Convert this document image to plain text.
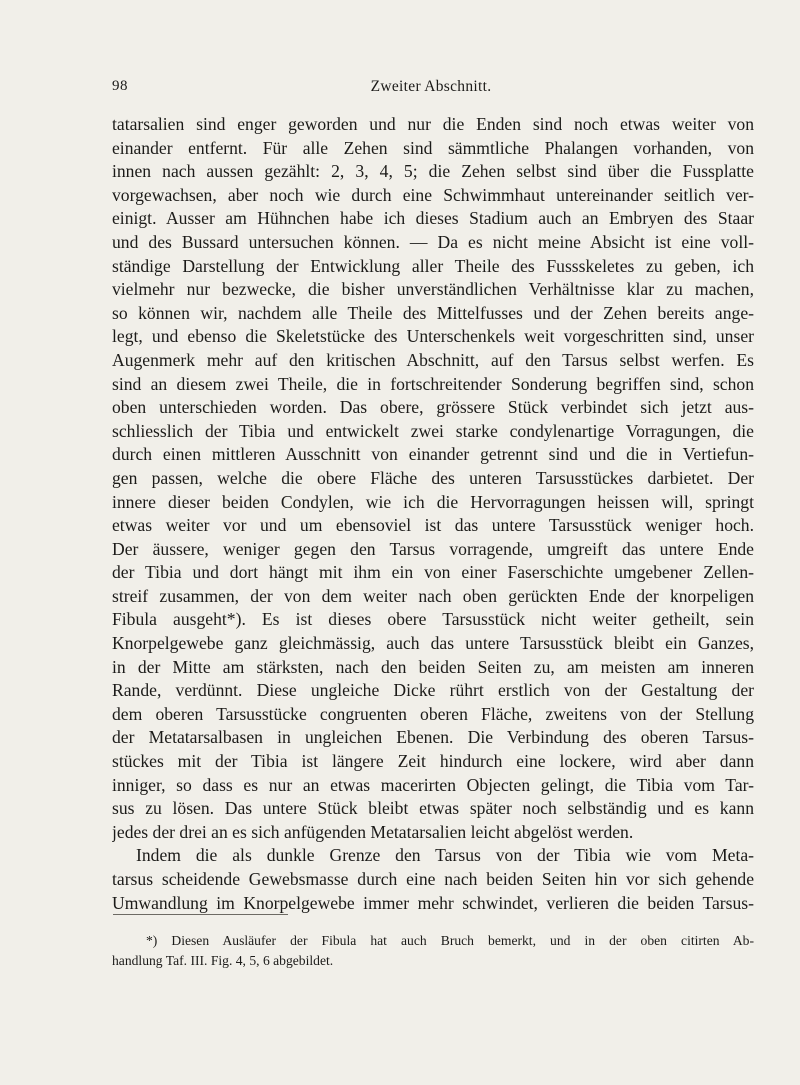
98	Zweiter Abschnitt.
tatarsalien sind enger geworden und nur die Enden sind noch etwas weiter von
einander entfernt. Für alle Zehen sind sämmtliche Phalangen vorhanden, von
innen nach aussen gezählt: 2, 3, 4, 5; die Zehen selbst sind über die Fussplatte
vorgewachsen, aber noch wie durch eine Schwimmhaut untereinander seitlich ver-
einigt. Ausser am Hühnchen habe ich dieses Stadium auch an Embryen des Staar
und des Bussard untersuchen können. — Da es nicht meine Absicht ist eine voll-
ständige Darstellung der Entwicklung aller Theile des Fussskeletes zu geben, ich
vielmehr nur bezwecke, die bisher unverständlichen Verhältnisse klar zu machen,
so können wir, nachdem alle Theile des Mittelfusses und der Zehen bereits ange-
legt, und ebenso die Skeletstücke des Unterschenkels weit vorgeschritten sind, unser
Augenmerk mehr auf den kritischen Abschnitt, auf den Tarsus selbst werfen. Es
sind an diesem zwei Theile, die in fortschreitender Sonderung begriffen sind, schon
oben unterschieden worden. Das obere, grössere Stück verbindet sich jetzt aus-
schliesslich der Tibia und entwickelt zwei starke condylenartige Vorragungen, die
durch einen mittleren Ausschnitt von einander getrennt sind und die in Vertiefun-
gen passen, welche die obere Fläche des unteren Tarsusstückes darbietet. Der
innere dieser beiden Condylen, wie ich die Hervorragungen heissen will, springt
etwas weiter vor und um ebensoviel ist das untere Tarsusstück weniger hoch.
Der äussere, weniger gegen den Tarsus vorragende, umgreift das untere Ende
der Tibia und dort hängt mit ihm ein von einer Faserschichte umgebener Zellen-
streif zusammen, der von dem weiter nach oben gerückten Ende der knorpeligen
Fibula ausgeht*). Es ist dieses obere Tarsusstück nicht weiter getheilt, sein
Knorpelgewebe ganz gleichmässig, auch das untere Tarsusstück bleibt ein Ganzes,
in der Mitte am stärksten, nach den beiden Seiten zu, am meisten am inneren
Rande, verdünnt. Diese ungleiche Dicke rührt erstlich von der Gestaltung der
dem oberen Tarsusstücke congruenten oberen Fläche, zweitens von der Stellung
der Metatarsalbasen in ungleichen Ebenen. Die Verbindung des oberen Tarsus-
stückes mit der Tibia ist längere Zeit hindurch eine lockere, wird aber dann
inniger, so dass es nur an etwas macerirten Objecten gelingt, die Tibia vom Tar-
sus zu lösen. Das untere Stück bleibt etwas später noch selbständig und es kann
jedes der drei an es sich anfügenden Metatarsalien leicht abgelöst werden.
Indem die als dunkle Grenze den Tarsus von der Tibia wie vom Meta-
tarsus scheidende Gewebsmasse durch eine nach beiden Seiten hin vor sich gehende
Umwandlung im Knorpelgewebe immer mehr schwindet, verlieren die beiden Tarsus-
*) Diesen Ausläufer der Fibula hat auch Bruch bemerkt, und in der oben citirten Ab-
handlung Taf. III. Fig. 4, 5, 6 abgebildet.
